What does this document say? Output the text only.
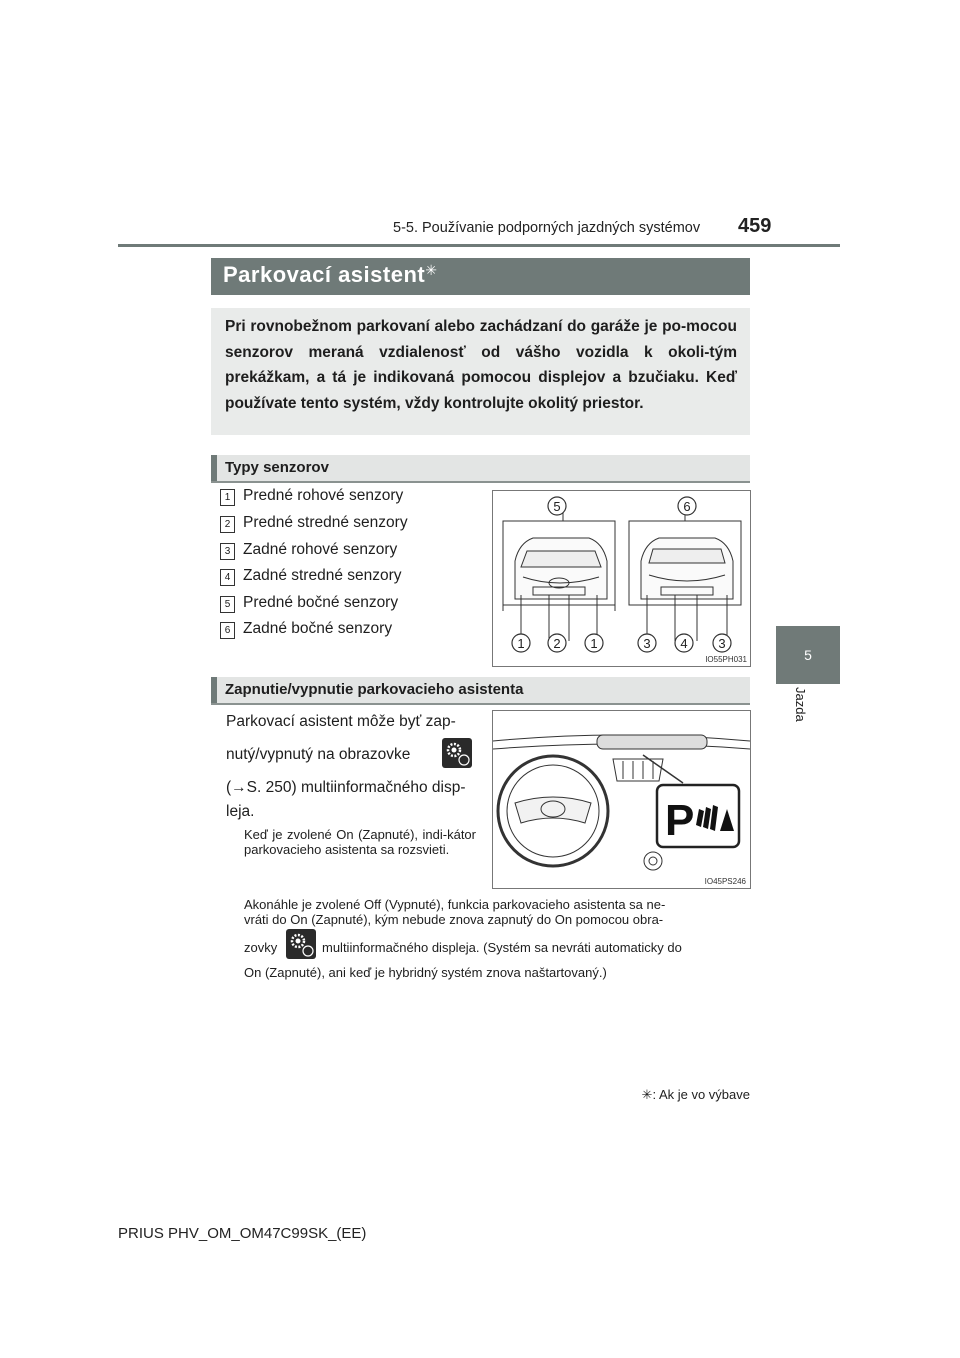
5-5. Používanie podporných jazdných systémov 459
5
Jazda
Parkovací asistent✳

Pri rovnobežnom parkovaní alebo zachádzaní do garáže je po-mocou senzorov meraná vzdialenosť od vášho vozidla k okoli-tým prekážkam, a tá je indikovaná pomocou displejov a bzučiaku. Keď používate tento systém, vždy kontrolujte okolitý priestor.

Typy senzorov
1 Predné rohové senzory
2 Predné stredné senzory
3 Zadné rohové senzory
4 Zadné stredné senzory
5 Predné bočné senzory
6 Zadné bočné senzory
5	6
1 2 1	3 4 3
IO55PH031
Zapnutie/vypnutie parkovacieho asistenta
Parkovací asistent môže byť zap-
nutý/vypnutý na obrazovke
(→S. 250) multiinformačného disp-
leja.
Keď je zvolené On (Zapnuté), indi-kátor parkovacieho asistenta sa rozsvieti.
P
IO45PS246
Akonáhle je zvolené Off (Vypnuté), funkcia parkovacieho asistenta sa ne-
vráti do On (Zapnuté), kým nebude znova zapnutý do On pomocou obra-
zovky	multiinformačného displeja. (Systém sa nevráti automaticky do
On (Zapnuté), ani keď je hybridný systém znova naštartovaný.)
✳: Ak je vo výbave
PRIUS PHV_OM_OM47C99SK_(EE)
